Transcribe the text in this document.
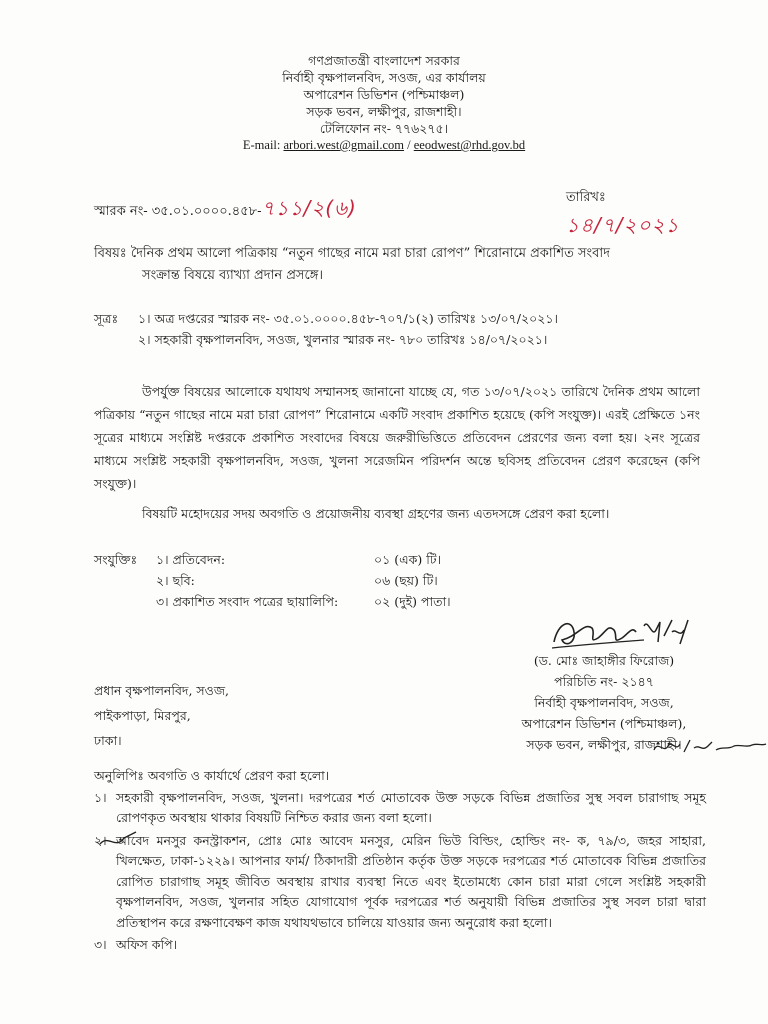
গণপ্রজাতন্ত্রী বাংলাদেশ সরকার
নির্বাহী বৃক্ষপালনবিদ, সওজ, এর কার্যালয়
অপারেশন ডিভিশন (পশ্চিমাঞ্চল)
সড়ক ভবন, লক্ষীপুর, রাজশাহী।
টেলিফোন নং- ৭৭৬২৭৫।
E-mail: arbori.west@gmail.com / eeodwest@rhd.gov.bd
স্মারক নং- ৩৫.০১.০০০০.৪৫৮-৭১১/২(৬)	তারিখঃ ১৪/৭/২০২১
বিষয়ঃ দৈনিক প্রথম আলো পত্রিকায় “নতুন গাছের নামে মরা চারা রোপণ” শিরোনামে প্রকাশিত সংবাদ
সংক্রান্ত বিষয়ে ব্যাখ্যা প্রদান প্রসঙ্গে।
সূত্রঃ	১। অত্র দপ্তরের স্মারক নং- ৩৫.০১.০০০০.৪৫৮-৭০৭/১(২) তারিখঃ ১৩/০৭/২০২১।
২। সহকারী বৃক্ষপালনবিদ, সওজ, খুলনার স্মারক নং- ৭৮০ তারিখঃ ১৪/০৭/২০২১।
উপর্যুক্ত বিষয়ের আলোকে যথাযথ সম্মানসহ জানানো যাচ্ছে যে, গত ১৩/০৭/২০২১ তারিখে দৈনিক প্রথম আলো পত্রিকায় “নতুন গাছের নামে মরা চারা রোপণ” শিরোনামে একটি সংবাদ প্রকাশিত হয়েছে (কপি সংযুক্ত)। এরই প্রেক্ষিতে ১নং সূত্রের মাধ্যমে সংশ্লিষ্ট দপ্তরকে প্রকাশিত সংবাদের বিষয়ে জরুরীভিত্তিতে প্রতিবেদন প্রেরণের জন্য বলা হয়। ২নং সূত্রের মাধ্যমে সংশ্লিষ্ট সহকারী বৃক্ষপালনবিদ, সওজ, খুলনা সরেজমিন পরিদর্শন অন্তে ছবিসহ প্রতিবেদন প্রেরণ করেছেন (কপি সংযুক্ত)।
বিষয়টি মহোদয়ের সদয় অবগতি ও প্রয়োজনীয় ব্যবস্থা গ্রহণের জন্য এতদসঙ্গে প্রেরণ করা হলো।
সংযুক্তিঃ	১। প্রতিবেদন:	০১ (এক) টি।
২। ছবি:	০৬ (ছয়) টি।
৩। প্রকাশিত সংবাদ পত্রের ছায়ালিপি:	০২ (দুই) পাতা।
(ড. মোঃ জাহাঙ্গীর ফিরোজ)
পরিচিতি নং- ২১৪৭
নির্বাহী বৃক্ষপালনবিদ, সওজ,
অপারেশন ডিভিশন (পশ্চিমাঞ্চল),
সড়ক ভবন, লক্ষীপুর, রাজশাহী।
প্রধান বৃক্ষপালনবিদ, সওজ,
পাইকপাড়া, মিরপুর,
ঢাকা।
অনুলিপিঃ অবগতি ও কার্যার্থে প্রেরণ করা হলো।
১। সহকারী বৃক্ষপালনবিদ, সওজ, খুলনা। দরপত্রের শর্ত মোতাবেক উক্ত সড়কে বিভিন্ন প্রজাতির সুস্থ সবল চারাগাছ সমূহ রোপণকৃত অবস্থায় থাকার বিষয়টি নিশ্চিত করার জন্য বলা হলো।
২। আবেদ মনসুর কনস্ট্রাকশন, প্রোঃ মোঃ আবেদ মনসুর, মেরিন ভিউ বিল্ডিং, হোল্ডিং নং- ক, ৭৯/৩, জহর সাহারা, খিলক্ষেত, ঢাকা-১২২৯। আপনার ফার্ম/ ঠিকাদারী প্রতিষ্ঠান কর্তৃক উক্ত সড়কে দরপত্রের শর্ত মোতাবেক বিভিন্ন প্রজাতির রোপিত চারাগাছ সমূহ জীবিত অবস্থায় রাখার ব্যবস্থা নিতে এবং ইতোমধ্যে কোন চারা মারা গেলে সংশ্লিষ্ট সহকারী বৃক্ষপালনবিদ, সওজ, খুলনার সহিত যোগাযোগ পূর্বক দরপত্রের শর্ত অনুযায়ী বিভিন্ন প্রজাতির সুস্থ সবল চারা দ্বারা প্রতিস্থাপন করে রক্ষণাবেক্ষণ কাজ যথাযথভাবে চালিয়ে যাওয়ার জন্য অনুরোধ করা হলো।
৩। অফিস কপি।
